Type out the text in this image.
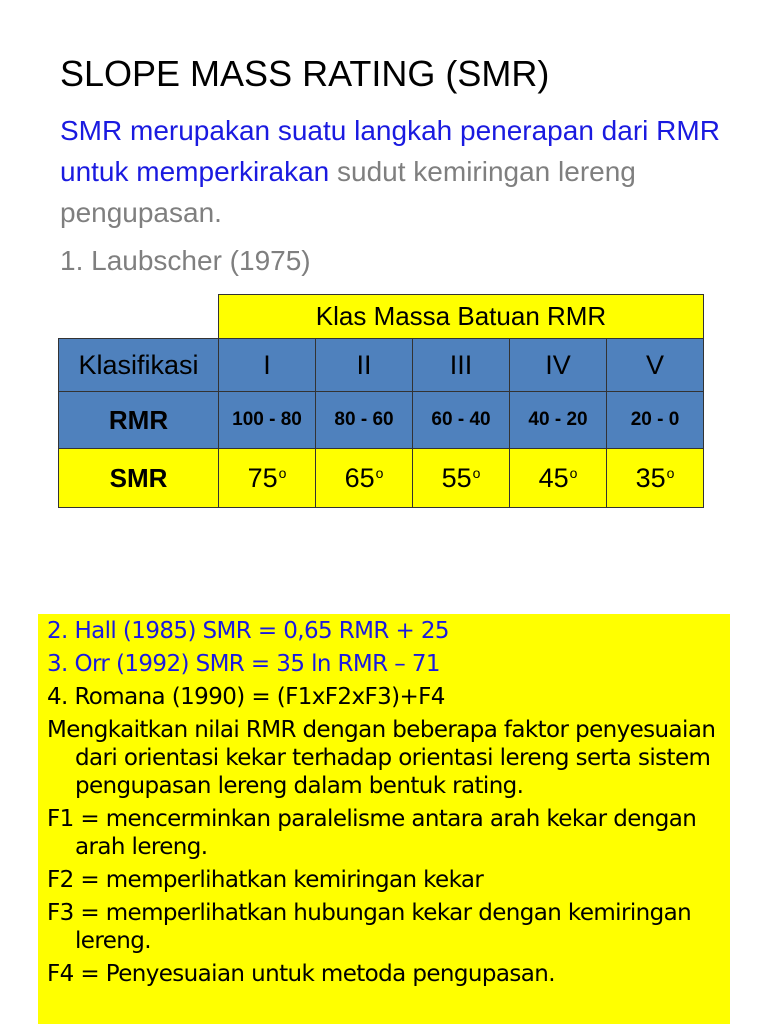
SLOPE MASS RATING (SMR)
SMR merupakan suatu langkah penerapan dari RMR untuk memperkirakan sudut kemiringan lereng pengupasan.
1. Laubscher (1975)
	Klas Massa Batuan RMR				
Klasifikasi	I	II	III	IV	V
RMR	100 - 80	80 - 60	60 - 40	40 - 20	20 - 0
SMR	75$^o$	65$^o$	55$^o$	45$^o$	35$^o$
2. Hall (1985) SMR = 0,65 RMR + 25
3. Orr (1992) SMR = 35 ln RMR – 71
4. Romana (1990) = (F1xF2xF3)+F4
Mengkaitkan nilai RMR dengan beberapa faktor penyesuaian dari orientasi kekar terhadap orientasi lereng serta sistem pengupasan lereng dalam bentuk rating.
F1 = mencerminkan paralelisme antara arah kekar dengan arah lereng.
F2 = memperlihatkan kemiringan kekar
F3 = memperlihatkan hubungan kekar dengan kemiringan lereng.
F4 = Penyesuaian untuk metoda pengupasan.
